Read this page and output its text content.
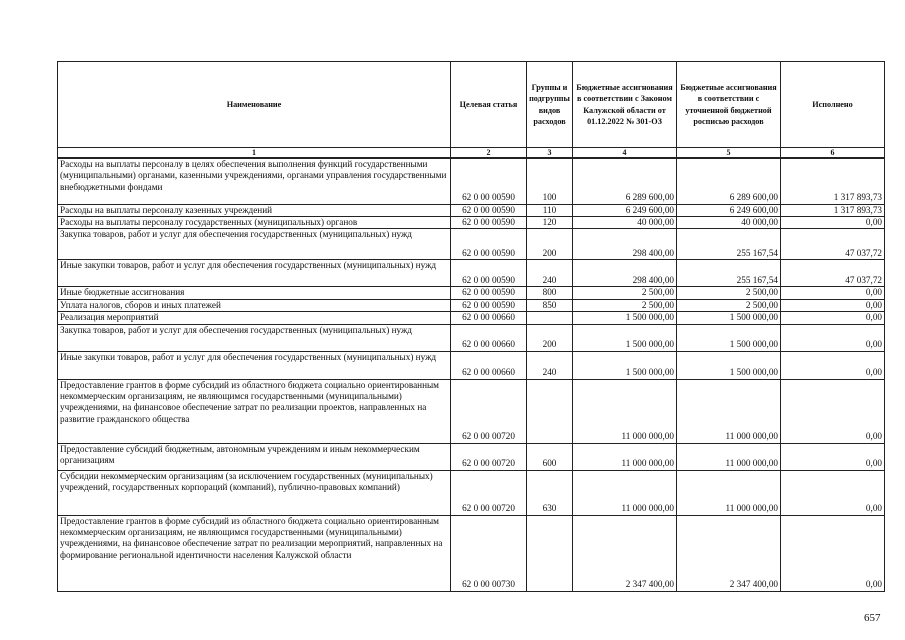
Наименование	Целевая статья	Группы и подгруппы видов расходов	Бюджетные ассигнования в соответствии с Законом Калужской области от 01.12.2022 № 301-ОЗ	Бюджетные ассигнования в соответствии с уточненной бюджетной росписью расходов	Исполнено
1	2	3	4	5	6
Расходы на выплаты персоналу в целях обеспечения выполнения функций государственными (муниципальными) органами, казенными учреждениями, органами управления государственными внебюджетными фондами	62 0 00 00590	100	6 289 600,00	6 289 600,00	1 317 893,73
Расходы на выплаты персоналу казенных учреждений	62 0 00 00590	110	6 249 600,00	6 249 600,00	1 317 893,73
Расходы на выплаты персоналу государственных (муниципальных) органов	62 0 00 00590	120	40 000,00	40 000,00	0,00
Закупка товаров, работ и услуг для обеспечения государственных (муниципальных) нужд	62 0 00 00590	200	298 400,00	255 167,54	47 037,72
Иные закупки товаров, работ и услуг для обеспечения государственных (муниципальных) нужд	62 0 00 00590	240	298 400,00	255 167,54	47 037,72
Иные бюджетные ассигнования	62 0 00 00590	800	2 500,00	2 500,00	0,00
Уплата налогов, сборов и иных платежей	62 0 00 00590	850	2 500,00	2 500,00	0,00
Реализация мероприятий	62 0 00 00660		1 500 000,00	1 500 000,00	0,00
Закупка товаров, работ и услуг для обеспечения государственных (муниципальных) нужд	62 0 00 00660	200	1 500 000,00	1 500 000,00	0,00
Иные закупки товаров, работ и услуг для обеспечения государственных (муниципальных) нужд	62 0 00 00660	240	1 500 000,00	1 500 000,00	0,00
Предоставление грантов в форме субсидий из областного бюджета социально ориентированным некоммерческим организациям, не являющимся государственными (муниципальными) учреждениями, на финансовое обеспечение затрат по реализации проектов, направленных на развитие гражданского общества	62 0 00 00720		11 000 000,00	11 000 000,00	0,00
Предоставление субсидий бюджетным, автономным учреждениям и иным некоммерческим организациям	62 0 00 00720	600	11 000 000,00	11 000 000,00	0,00
Субсидии некоммерческим организациям (за исключением государственных (муниципальных) учреждений, государственных корпораций (компаний), публично-правовых компаний)	62 0 00 00720	630	11 000 000,00	11 000 000,00	0,00
Предоставление грантов в форме субсидий из областного бюджета социально ориентированным некоммерческим организациям, не являющимся государственными (муниципальными) учреждениями, на финансовое обеспечение затрат по реализации мероприятий, направленных на формирование региональной идентичности населения Калужской области	62 0 00 00730		2 347 400,00	2 347 400,00	0,00
657
